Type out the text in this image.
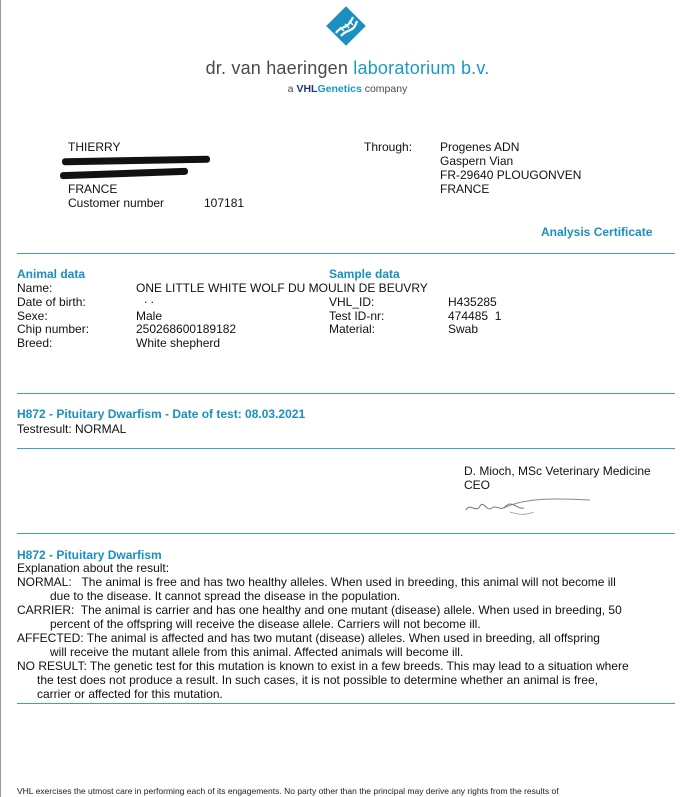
dr. van haeringen laboratorium b.v.
a VHLGenetics company
THIERRY
FRANCE
Customer number	107181
Through: Progenes ADN
Gaspern Vian
FR-29640 PLOUGONVEN
FRANCE
Analysis Certificate
Animal data	Sample data
Name:	ONE LITTLE WHITE WOLF DU MOULIN DE BEUVRY
Date of birth:	. .	VHL_ID:	H435285
Sexe:	Male	Test ID-nr:	474485  1
Chip number:	250268600189182	Material:	Swab
Breed:	White shepherd
H872 - Pituitary Dwarfism - Date of test: 08.03.2021
Testresult: NORMAL
D. Mioch, MSc Veterinary Medicine
CEO
H872 - Pituitary Dwarfism
Explanation about the result:
NORMAL:   The animal is free and has two healthy alleles. When used in breeding, this animal will not become ill
due to the disease. It cannot spread the disease in the population.
CARRIER:  The animal is carrier and has one healthy and one mutant (disease) allele. When used in breeding, 50
percent of the offspring will receive the disease allele. Carriers will not become ill.
AFFECTED: The animal is affected and has two mutant (disease) alleles. When used in breeding, all offspring
will receive the mutant allele from this animal. Affected animals will become ill.
NO RESULT: The genetic test for this mutation is known to exist in a few breeds. This may lead to a situation where
the test does not produce a result. In such cases, it is not possible to determine whether an animal is free,
carrier or affected for this mutation.
VHL exercises the utmost care in performing each of its engagements. No party other than the principal may derive any rights from the results of
